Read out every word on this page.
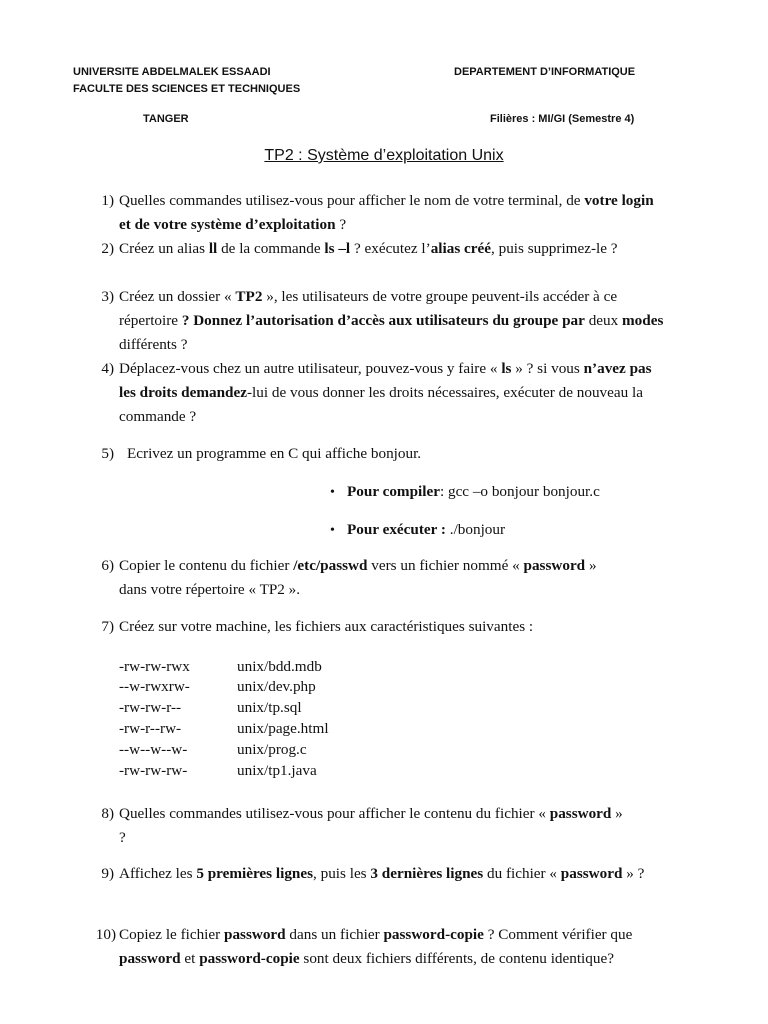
UNIVERSITE ABDELMALEK ESSAADI	DEPARTEMENT D’INFORMATIQUE
FACULTE DES SCIENCES ET TECHNIQUES
TANGER	Filières : MI/GI (Semestre 4)
TP2 : Système d’exploitation Unix
1) Quelles commandes utilisez-vous pour afficher le nom de votre terminal, de votre login et de votre système d’exploitation ?
2) Créez un alias ll de la commande ls –l ? exécutez l’alias créé, puis supprimez-le ?
3) Créez un dossier « TP2 », les utilisateurs de votre groupe peuvent-ils accéder à ce répertoire ? Donnez l’autorisation d’accès aux utilisateurs du groupe par deux modes différents ?
4) Déplacez-vous chez un autre utilisateur, pouvez-vous y faire « ls » ? si vous n’avez pas les droits demandez-lui de vous donner les droits nécessaires, exécuter de nouveau la commande ?
5) Ecrivez un programme en C qui affiche bonjour.
• Pour compiler: gcc –o bonjour bonjour.c
• Pour exécuter : ./bonjour
6) Copier le contenu du fichier /etc/passwd vers un fichier nommé « password » dans votre répertoire « TP2 ».
7) Créez sur votre machine, les fichiers aux caractéristiques suivantes :
-rw-rw-rwx	unix/bdd.mdb
--w-rwxrw-	unix/dev.php
-rw-rw-r--	unix/tp.sql
-rw-r--rw-	unix/page.html
--w--w--w-	unix/prog.c
-rw-rw-rw-	unix/tp1.java
8) Quelles commandes utilisez-vous pour afficher le contenu du fichier « password » ?
9) Affichez les 5 premières lignes, puis les 3 dernières lignes du fichier « password » ?
10) Copiez le fichier password dans un fichier password-copie ? Comment vérifier que password et password-copie sont deux fichiers différents, de contenu identique?
